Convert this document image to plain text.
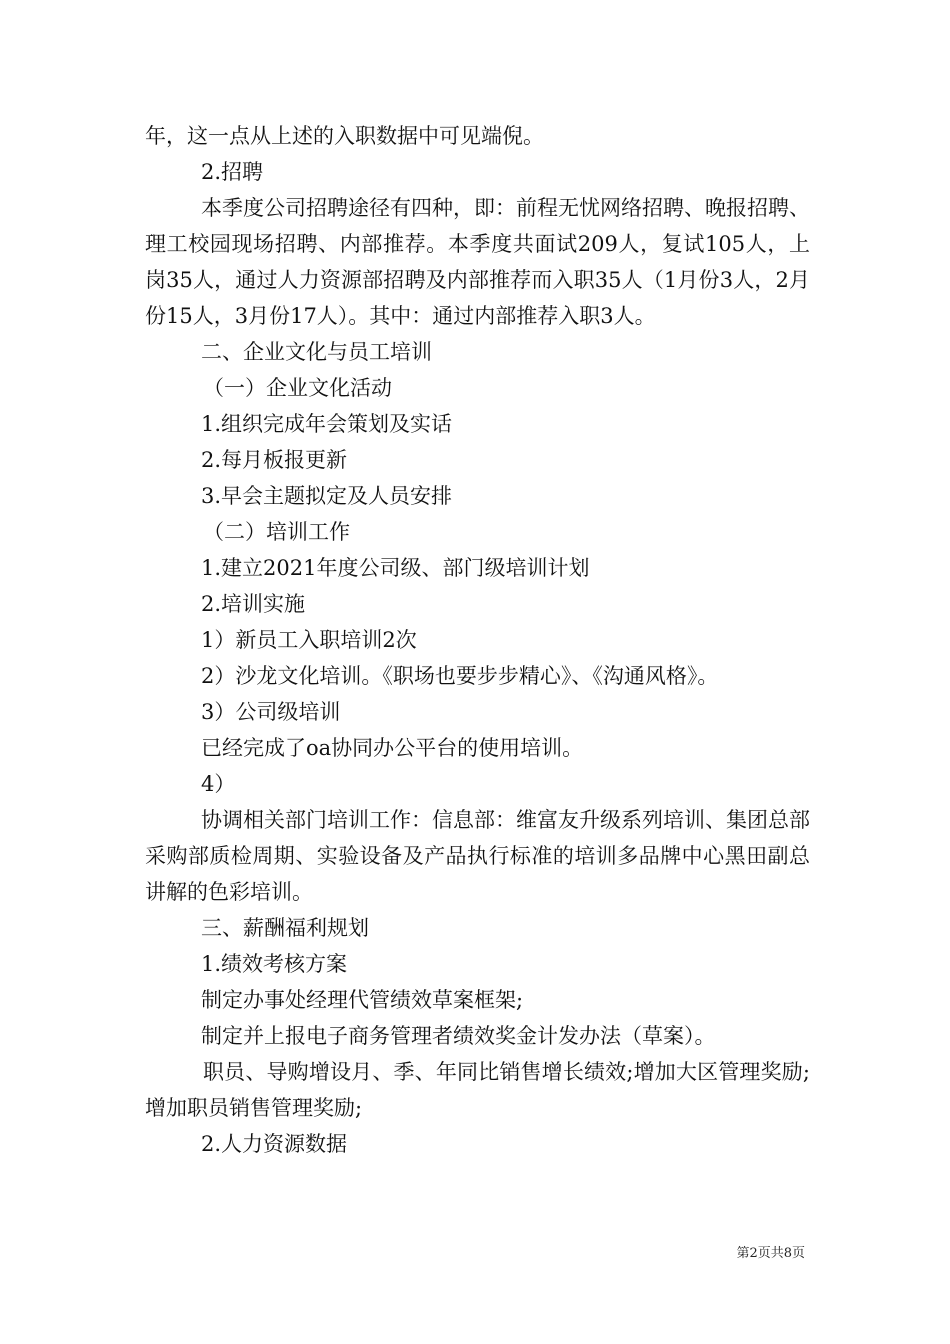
年，这一点从上述的入职数据中可见端倪。

2.招聘

本季度公司招聘途径有四种，即：前程无忧网络招聘、晚报招聘、理工校园现场招聘、内部推荐。本季度共面试209人，复试105人，上岗35人，通过人力资源部招聘及内部推荐而入职35人（1月份3人，2月份15人，3月份17人）。其中：通过内部推荐入职3人。

二、企业文化与员工培训

（一）企业文化活动

1.组织完成年会策划及实话

2.每月板报更新

3.早会主题拟定及人员安排

（二）培训工作

1.建立2021年度公司级、部门级培训计划

2.培训实施

1）新员工入职培训2次

2）沙龙文化培训。《职场也要步步精心》、《沟通风格》。

3）公司级培训

已经完成了oa协同办公平台的使用培训。

4）

协调相关部门培训工作：信息部：维富友升级系列培训、集团总部采购部质检周期、实验设备及产品执行标准的培训多品牌中心黑田副总讲解的色彩培训。

三、薪酬福利规划

1.绩效考核方案

制定办事处经理代管绩效草案框架;

制定并上报电子商务管理者绩效奖金计发办法（草案）。

职员、导购增设月、季、年同比销售增长绩效;增加大区管理奖励;增加职员销售管理奖励;

2.人力资源数据

第2页共8页
